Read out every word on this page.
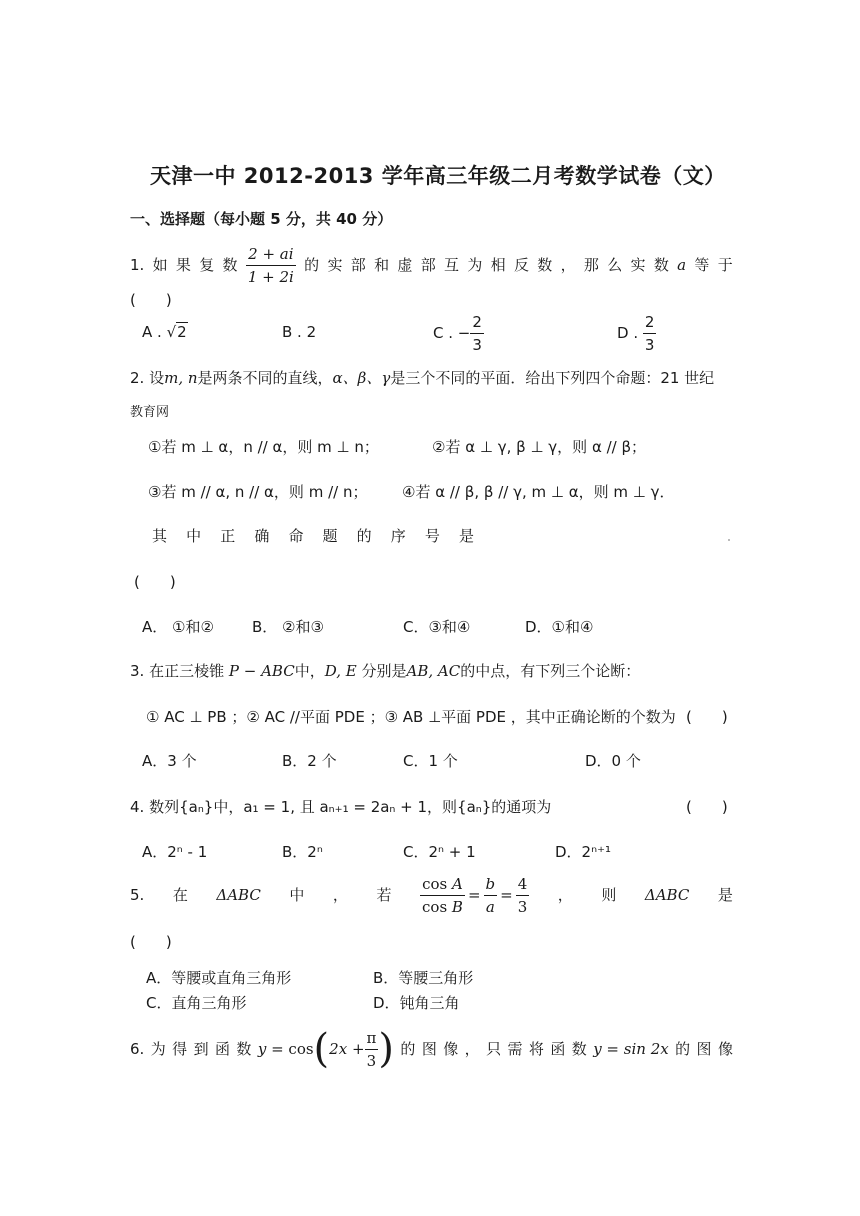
天津一中 2012-2013 学年高三年级二月考数学试卷（文）
一、选择题（每小题 5 分，共 40 分）
1. 如 果 复 数 $\frac{2 + ai}{1 + 2i}$ 的 实 部 和 虚 部 互 为 相 反 数 ， 那 么 实 数 a 等 于
(　　)
A . √2	B . 2	C . − $\frac{2}{3}$	D . $\frac{2}{3}$
2. 设m, n是两条不同的直线，α、β、γ是三个不同的平面．给出下列四个命题：21 世纪
教育网
①若 m ⊥ α，n // α，则 m ⊥ n；	②若 α ⊥ γ, β ⊥ γ，则 α // β；
③若 m // α, n // α，则 m // n； ④若 α // β, β // γ, m ⊥ α，则 m ⊥ γ．
其 中 正 确 命 题 的 序 号 是
(　　)
A． ①和②	B． ②和③	C．③和④	D．①和④
3. 在正三棱锥 P − ABC中，D, E 分别是AB, AC的中点，有下列三个论断：
① AC ⊥ PB ；② AC //平面 PDE ；③ AB ⊥平面 PDE ，其中正确论断的个数为 (　　)
A．3 个	B．2 个	C．1 个	D．0 个
4. 数列{aₙ}中，a₁ = 1, 且 aₙ₊₁ = 2aₙ + 1，则{aₙ}的通项为	(　　)
A．2ⁿ - 1	B．2ⁿ	C．2ⁿ + 1	D．2ⁿ⁺¹
5. 在 ΔABC 中 ， 若 $\frac{\text{cos A}}{\text{cos B}} = \frac{b}{a} = \frac{4}{3}$ ， 则 ΔABC 是
(　　)
A．等腰或直角三角形	B．等腰三角形
C．直角三角形	D．钝角三角
6. 为 得 到 函 数 y = cos ( $2x + \frac{\pi}{3}$ ) 的 图 像 ， 只 需 将 函 数 y = sin 2x 的 图 像
